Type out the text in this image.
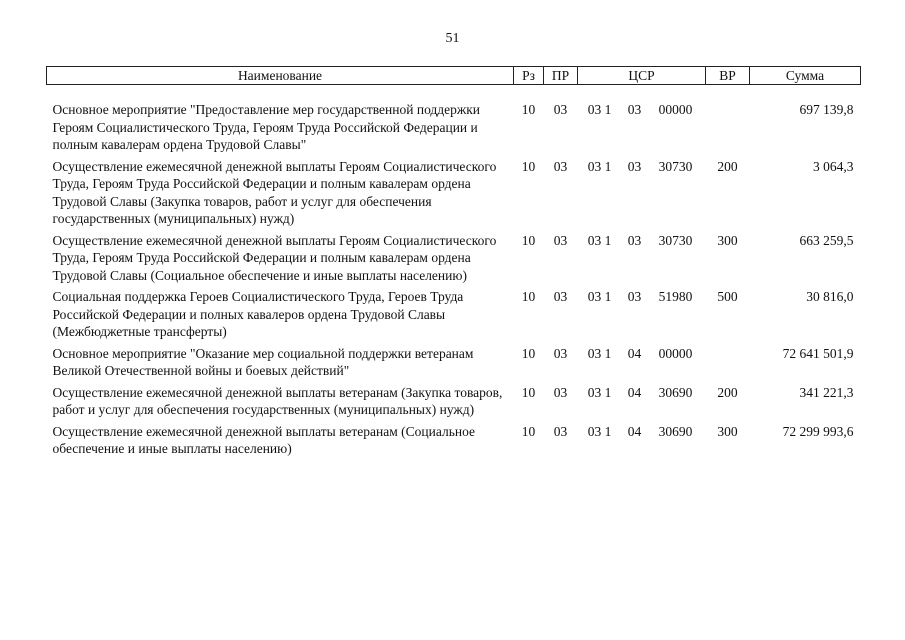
51
Наименование	Рз	ПР	ЦСР	ВР	Сумма

Основное мероприятие "Предоставление мер государственной поддержки Героям Социалистического Труда, Героям Труда Российской Федерации и полным кавалерам ордена Трудовой Славы"	10	03	03 1 03 00000		697 139,8
Осуществление ежемесячной денежной выплаты Героям Социалистического Труда, Героям Труда Российской Федерации и полным кавалерам ордена Трудовой Славы (Закупка товаров, работ и услуг для обеспечения государственных (муниципальных) нужд)	10	03	03 1 03 30730	200	3 064,3
Осуществление ежемесячной денежной выплаты Героям Социалистического Труда, Героям Труда Российской Федерации и полным кавалерам ордена Трудовой Славы (Социальное обеспечение и иные выплаты населению)	10	03	03 1 03 30730	300	663 259,5
Социальная поддержка Героев Социалистического Труда, Героев Труда Российской Федерации и полных кавалеров ордена Трудовой Славы (Межбюджетные трансферты)	10	03	03 1 03 51980	500	30 816,0
Основное мероприятие "Оказание мер социальной поддержки ветеранам Великой Отечественной войны и боевых действий"	10	03	03 1 04 00000		72 641 501,9
Осуществление ежемесячной денежной выплаты ветеранам (Закупка товаров, работ и услуг для обеспечения государственных (муниципальных) нужд)	10	03	03 1 04 30690	200	341 221,3
Осуществление ежемесячной денежной выплаты ветеранам (Социальное обеспечение и иные выплаты населению)	10	03	03 1 04 30690	300	72 299 993,6
